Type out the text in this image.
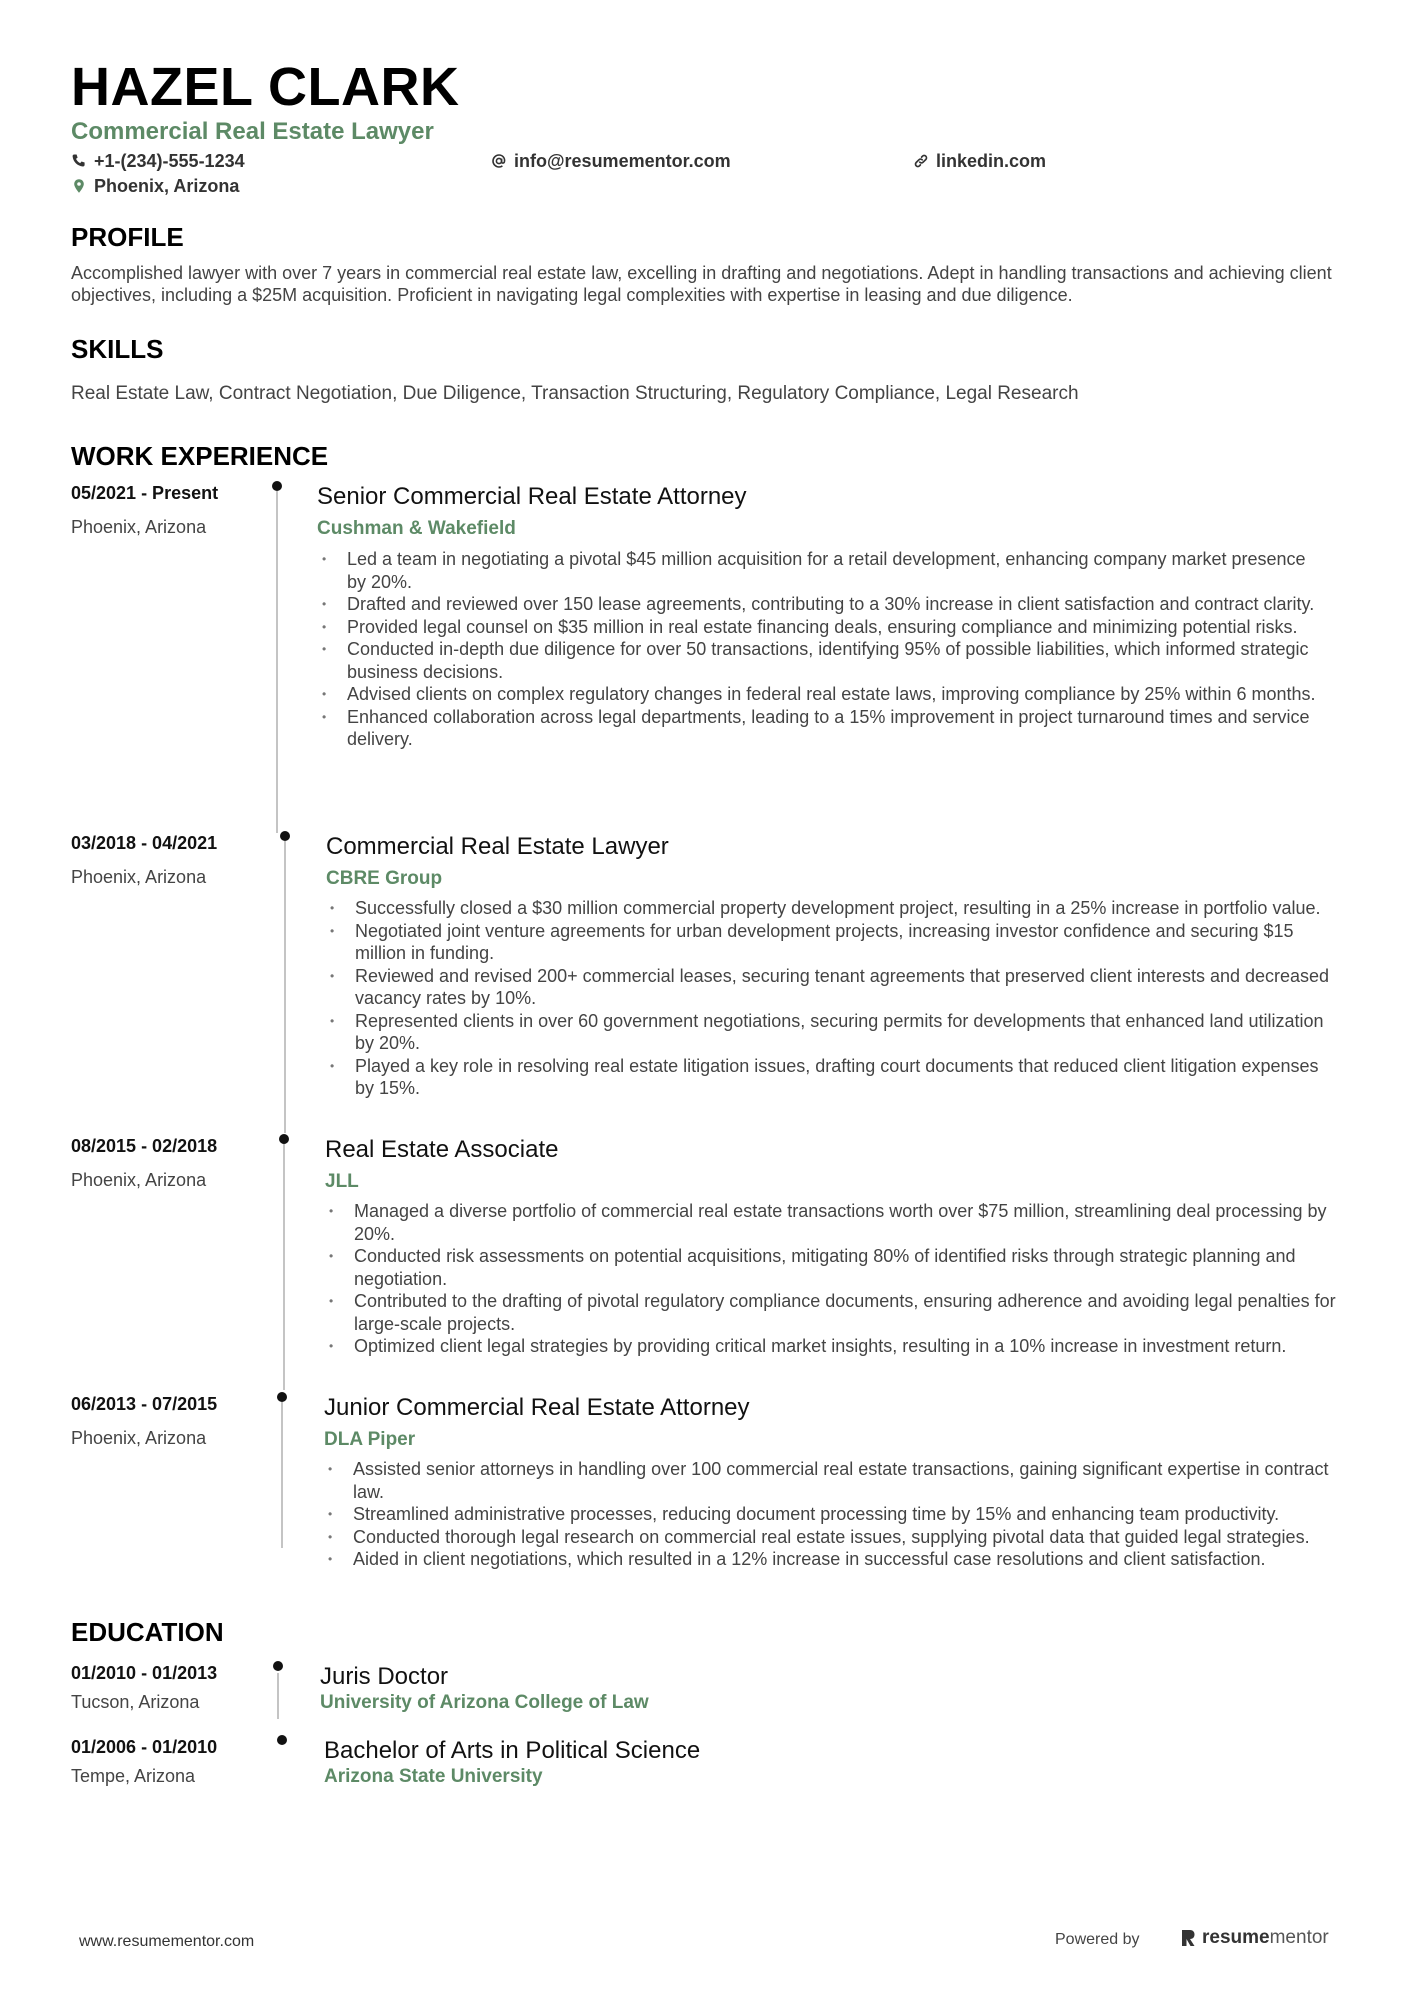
HAZEL CLARK
Commercial Real Estate Lawyer
+1-(234)-555-1234	info@resumementor.com	linkedin.com
Phoenix, Arizona
PROFILE

Accomplished lawyer with over 7 years in commercial real estate law, excelling in drafting and negotiations. Adept in handling transactions and achieving client objectives, including a $25M acquisition. Proficient in navigating legal complexities with expertise in leasing and due diligence.

SKILLS

Real Estate Law, Contract Negotiation, Due Diligence, Transaction Structuring, Regulatory Compliance, Legal Research

WORK EXPERIENCE
05/2021 - Present
Phoenix, Arizona
Senior Commercial Real Estate Attorney
Cushman & Wakefield
• Led a team in negotiating a pivotal $45 million acquisition for a retail development, enhancing company market presence by 20%.
• Drafted and reviewed over 150 lease agreements, contributing to a 30% increase in client satisfaction and contract clarity.
• Provided legal counsel on $35 million in real estate financing deals, ensuring compliance and minimizing potential risks.
• Conducted in-depth due diligence for over 50 transactions, identifying 95% of possible liabilities, which informed strategic business decisions.
• Advised clients on complex regulatory changes in federal real estate laws, improving compliance by 25% within 6 months.
• Enhanced collaboration across legal departments, leading to a 15% improvement in project turnaround times and service delivery.
03/2018 - 04/2021
Phoenix, Arizona
Commercial Real Estate Lawyer
CBRE Group
• Successfully closed a $30 million commercial property development project, resulting in a 25% increase in portfolio value.
• Negotiated joint venture agreements for urban development projects, increasing investor confidence and securing $15 million in funding.
• Reviewed and revised 200+ commercial leases, securing tenant agreements that preserved client interests and decreased vacancy rates by 10%.
• Represented clients in over 60 government negotiations, securing permits for developments that enhanced land utilization by 20%.
• Played a key role in resolving real estate litigation issues, drafting court documents that reduced client litigation expenses by 15%.
08/2015 - 02/2018
Phoenix, Arizona
Real Estate Associate
JLL
• Managed a diverse portfolio of commercial real estate transactions worth over $75 million, streamlining deal processing by 20%.
• Conducted risk assessments on potential acquisitions, mitigating 80% of identified risks through strategic planning and negotiation.
• Contributed to the drafting of pivotal regulatory compliance documents, ensuring adherence and avoiding legal penalties for large-scale projects.
• Optimized client legal strategies by providing critical market insights, resulting in a 10% increase in investment return.
06/2013 - 07/2015
Phoenix, Arizona
Junior Commercial Real Estate Attorney
DLA Piper
• Assisted senior attorneys in handling over 100 commercial real estate transactions, gaining significant expertise in contract law.
• Streamlined administrative processes, reducing document processing time by 15% and enhancing team productivity.
• Conducted thorough legal research on commercial real estate issues, supplying pivotal data that guided legal strategies.
• Aided in client negotiations, which resulted in a 12% increase in successful case resolutions and client satisfaction.
EDUCATION
01/2010 - 01/2013
Tucson, Arizona
Juris Doctor
University of Arizona College of Law
01/2006 - 01/2010
Tempe, Arizona
Bachelor of Arts in Political Science
Arizona State University
www.resumementor.com	Powered by	resumementor
